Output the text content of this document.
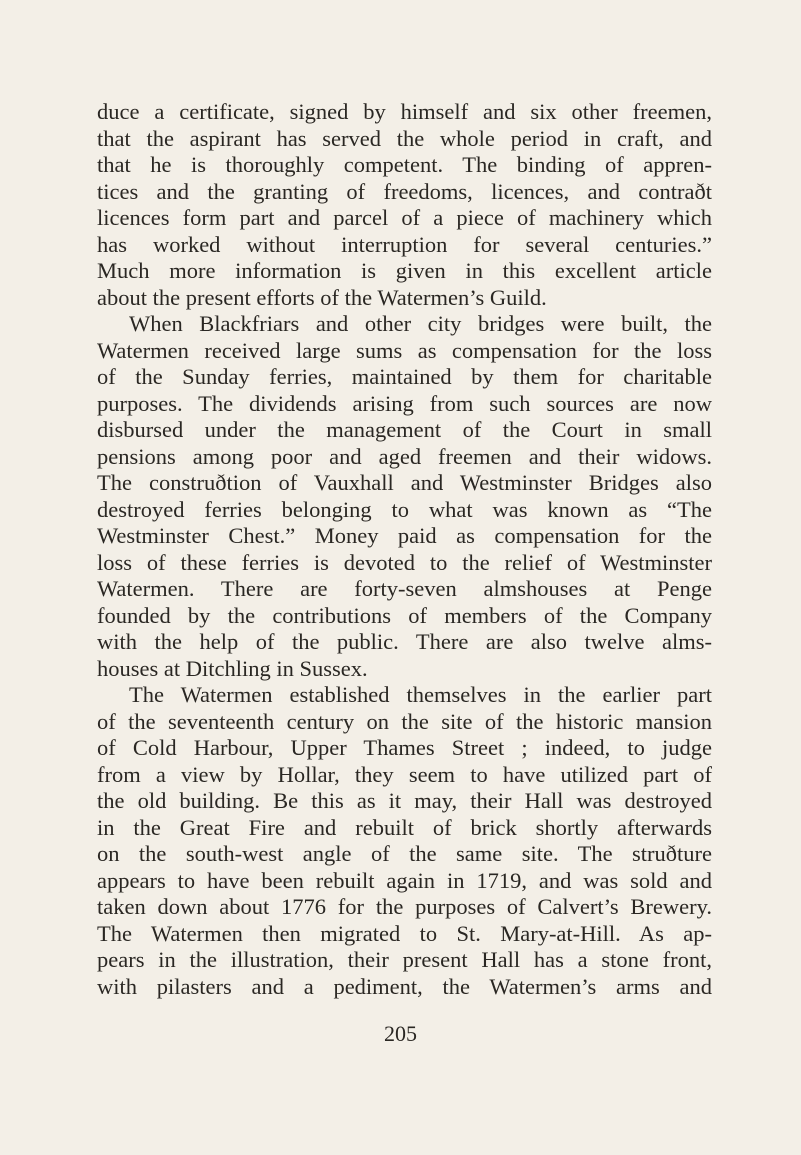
duce a certificate, signed by himself and six other freemen,
that the aspirant has served the whole period in craft, and
that he is thoroughly competent. The binding of appren-
tices and the granting of freedoms, licences, and contraðt
licences form part and parcel of a piece of machinery which
has worked without interruption for several centuries.”
Much more information is given in this excellent article
about the present efforts of the Watermen’s Guild.
When Blackfriars and other city bridges were built, the
Watermen received large sums as compensation for the loss
of the Sunday ferries, maintained by them for charitable
purposes. The dividends arising from such sources are now
disbursed under the management of the Court in small
pensions among poor and aged freemen and their widows.
The construðtion of Vauxhall and Westminster Bridges also
destroyed ferries belonging to what was known as “The
Westminster Chest.” Money paid as compensation for the
loss of these ferries is devoted to the relief of Westminster
Watermen. There are forty-seven almshouses at Penge
founded by the contributions of members of the Company
with the help of the public. There are also twelve alms-
houses at Ditchling in Sussex.
The Watermen established themselves in the earlier part
of the seventeenth century on the site of the historic mansion
of Cold Harbour, Upper Thames Street ; indeed, to judge
from a view by Hollar, they seem to have utilized part of
the old building. Be this as it may, their Hall was destroyed
in the Great Fire and rebuilt of brick shortly afterwards
on the south-west angle of the same site. The struðture
appears to have been rebuilt again in 1719, and was sold and
taken down about 1776 for the purposes of Calvert’s Brewery.
The Watermen then migrated to St. Mary-at-Hill. As ap-
pears in the illustration, their present Hall has a stone front,
with pilasters and a pediment, the Watermen’s arms and
205
